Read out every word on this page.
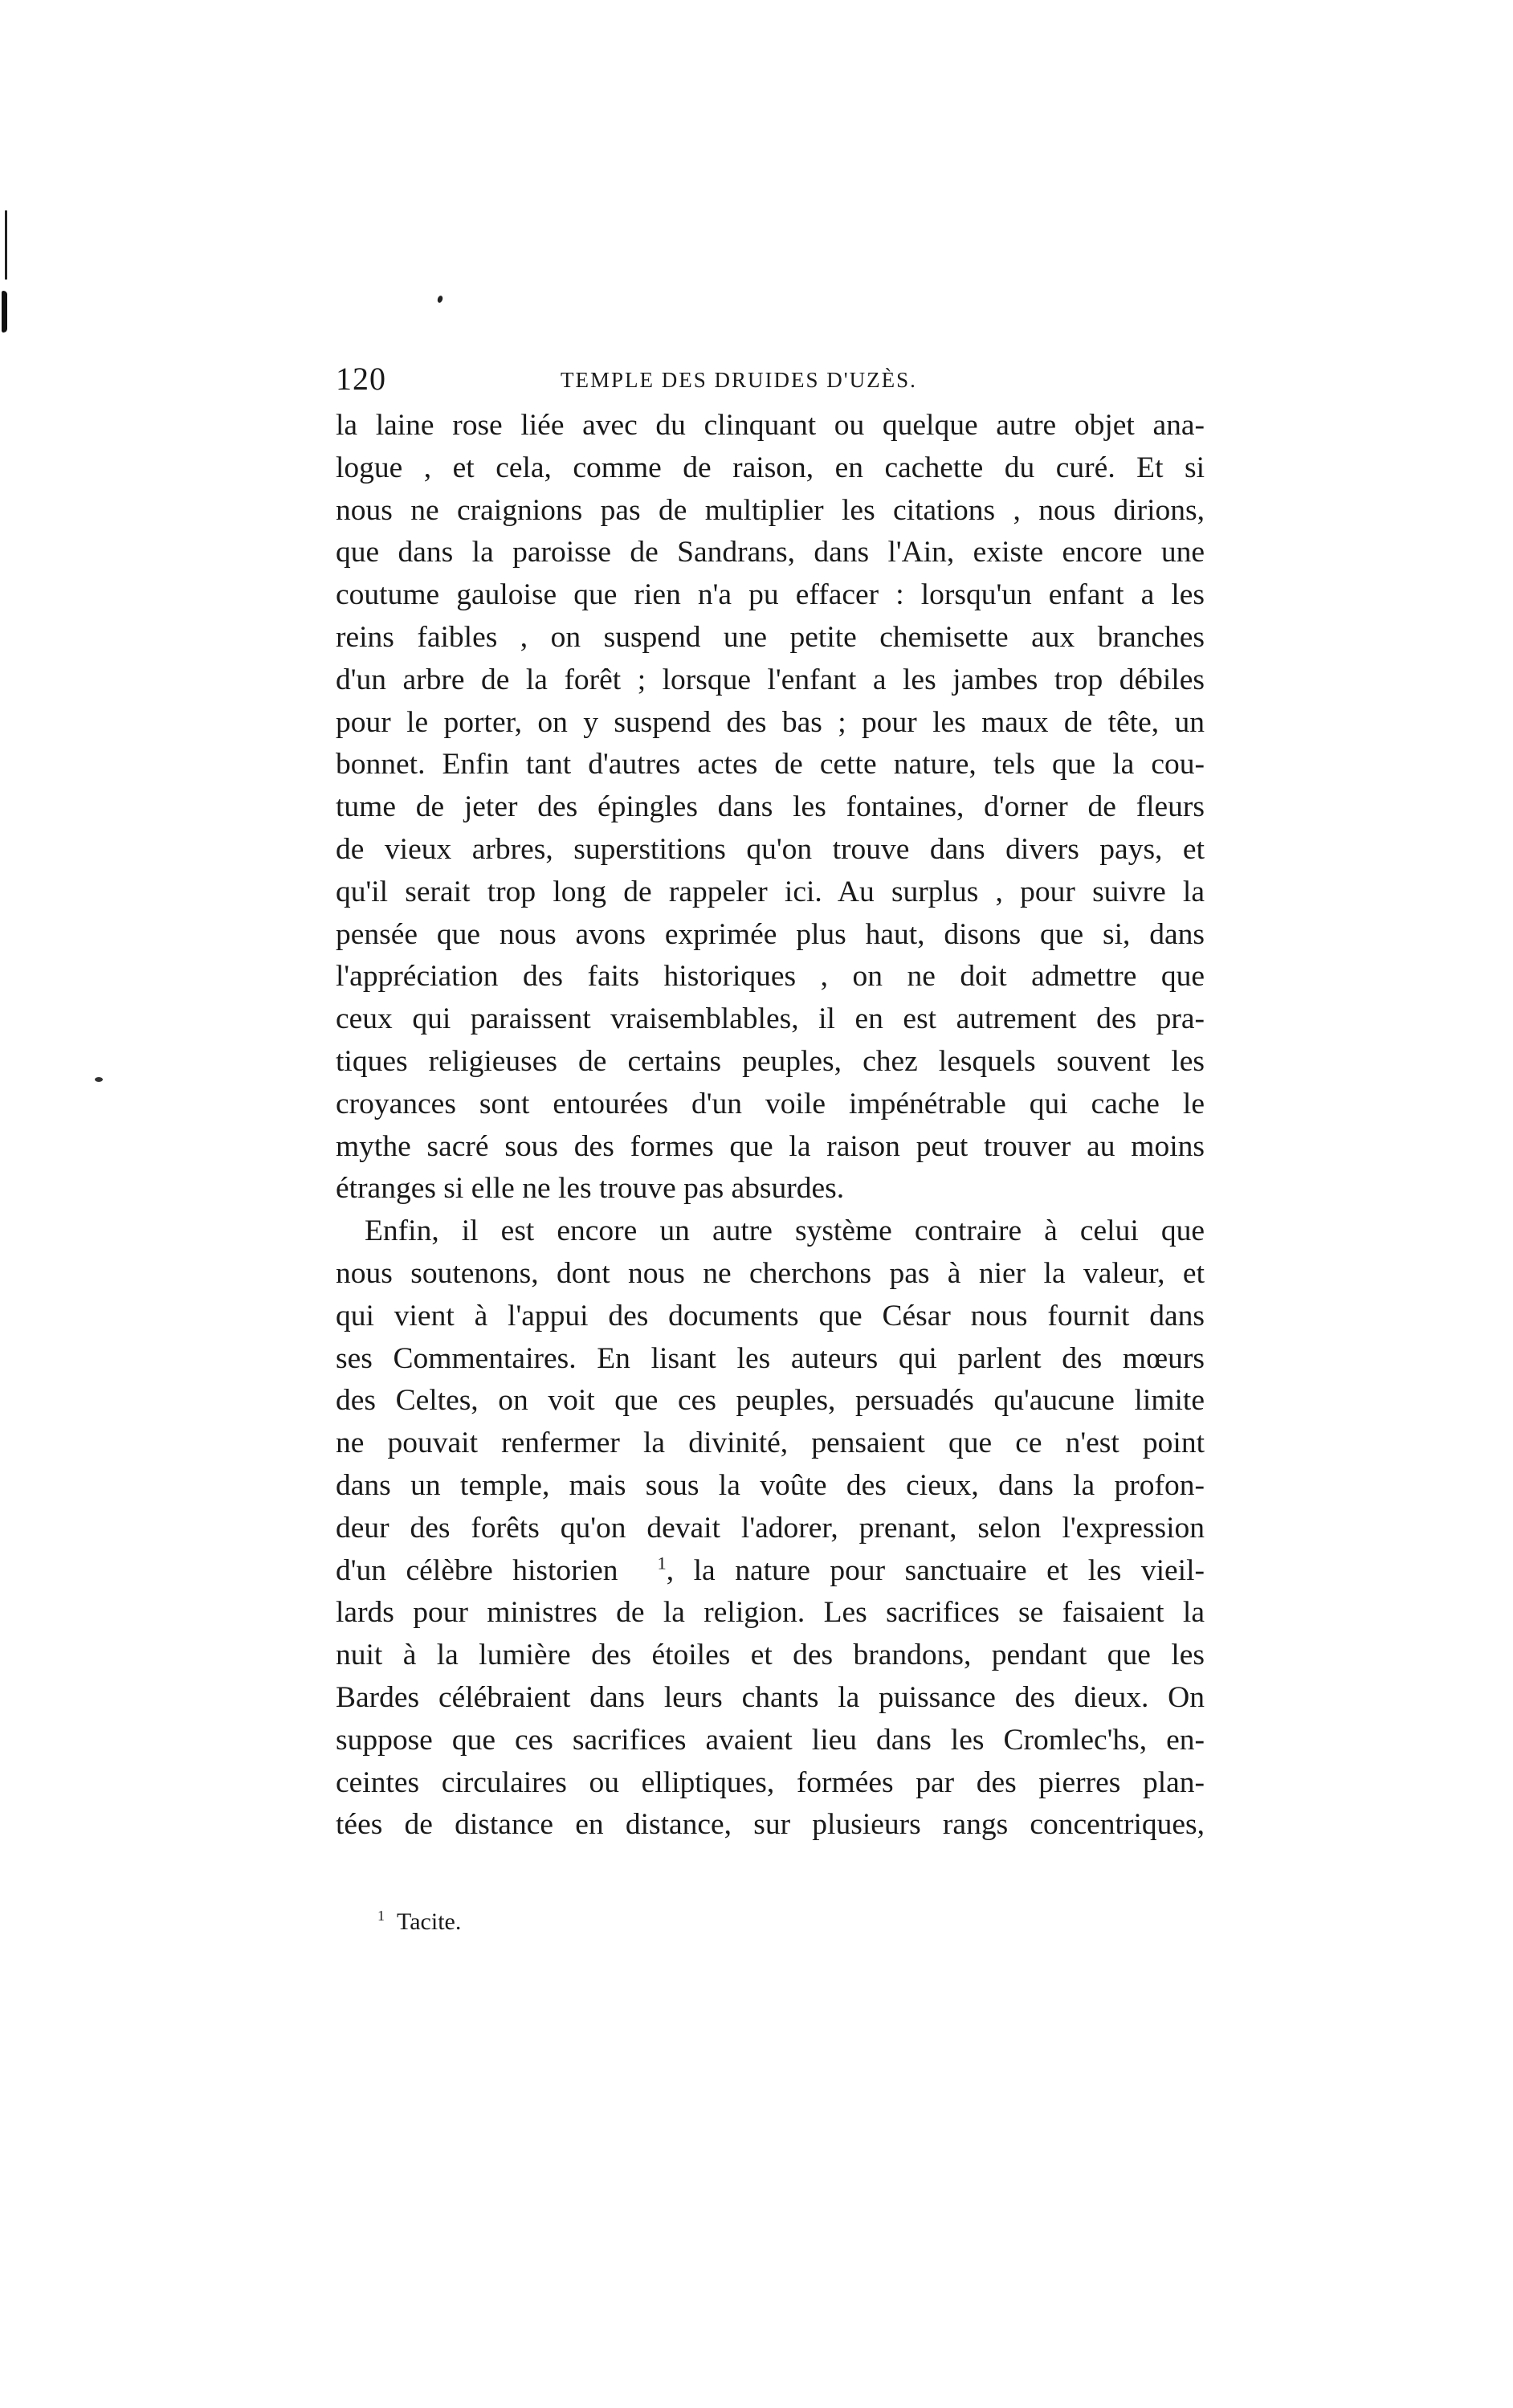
120	TEMPLE DES DRUIDES D'UZÈS.
la laine rose liée avec du clinquant ou quelque autre objet ana-
logue , et cela, comme de raison, en cachette du curé. Et si
nous ne craignions pas de multiplier les citations , nous dirions,
que dans la paroisse de Sandrans, dans l'Ain, existe encore une
coutume gauloise que rien n'a pu effacer : lorsqu'un enfant a les
reins faibles , on suspend une petite chemisette aux branches
d'un arbre de la forêt ; lorsque l'enfant a les jambes trop débiles
pour le porter, on y suspend des bas ; pour les maux de tête, un
bonnet. Enfin tant d'autres actes de cette nature, tels que la cou-
tume de jeter des épingles dans les fontaines, d'orner de fleurs
de vieux arbres, superstitions qu'on trouve dans divers pays, et
qu'il serait trop long de rappeler ici. Au surplus , pour suivre la
pensée que nous avons exprimée plus haut, disons que si, dans
l'appréciation des faits historiques , on ne doit admettre que
ceux qui paraissent vraisemblables, il en est autrement des pra-
tiques religieuses de certains peuples, chez lesquels souvent les
croyances sont entourées d'un voile impénétrable qui cache le
mythe sacré sous des formes que la raison peut trouver au moins
étranges si elle ne les trouve pas absurdes.
Enfin, il est encore un autre système contraire à celui que
nous soutenons, dont nous ne cherchons pas à nier la valeur, et
qui vient à l'appui des documents que César nous fournit dans
ses Commentaires. En lisant les auteurs qui parlent des mœurs
des Celtes, on voit que ces peuples, persuadés qu'aucune limite
ne pouvait renfermer la divinité, pensaient que ce n'est point
dans un temple, mais sous la voûte des cieux, dans la profon-
deur des forêts qu'on devait l'adorer, prenant, selon l'expression
d'un célèbre historien $^1$, la nature pour sanctuaire et les vieil-
lards pour ministres de la religion. Les sacrifices se faisaient la
nuit à la lumière des étoiles et des brandons, pendant que les
Bardes célébraient dans leurs chants la puissance des dieux. On
suppose que ces sacrifices avaient lieu dans les Cromlec'hs, en-
ceintes circulaires ou elliptiques, formées par des pierres plan-
tées de distance en distance, sur plusieurs rangs concentriques,
$^1$ Tacite.
